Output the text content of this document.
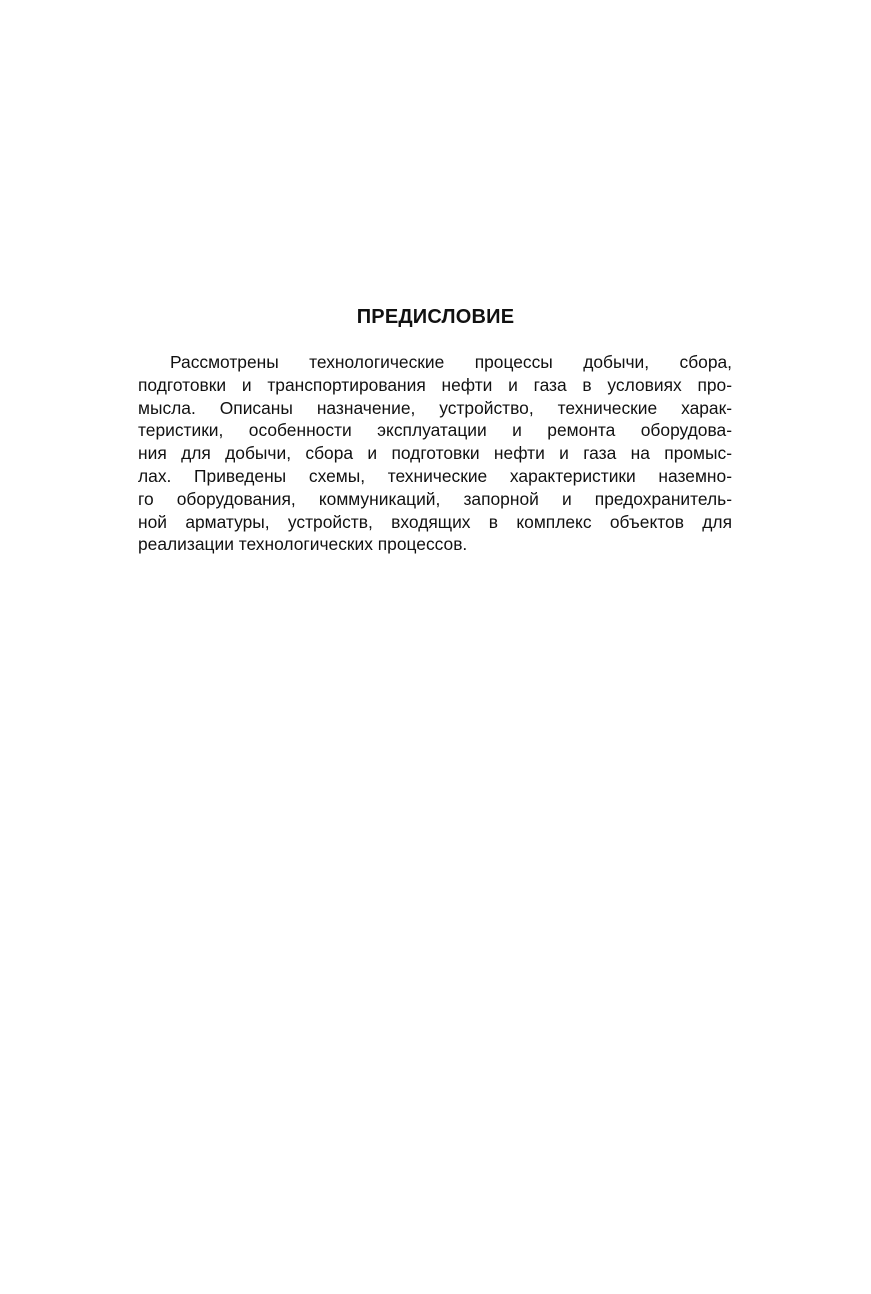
ПРЕДИСЛОВИЕ
Рассмотрены технологические процессы добычи, сбора,
подготовки и транспортирования нефти и газа в условиях про-
мысла. Описаны назначение, устройство, технические харак-
теристики, особенности эксплуатации и ремонта оборудова-
ния для добычи, сбора и подготовки нефти и газа на промыс-
лах. Приведены схемы, технические характеристики наземно-
го оборудования, коммуникаций, запорной и предохранитель-
ной арматуры, устройств, входящих в комплекс объектов для
реализации технологических процессов.
